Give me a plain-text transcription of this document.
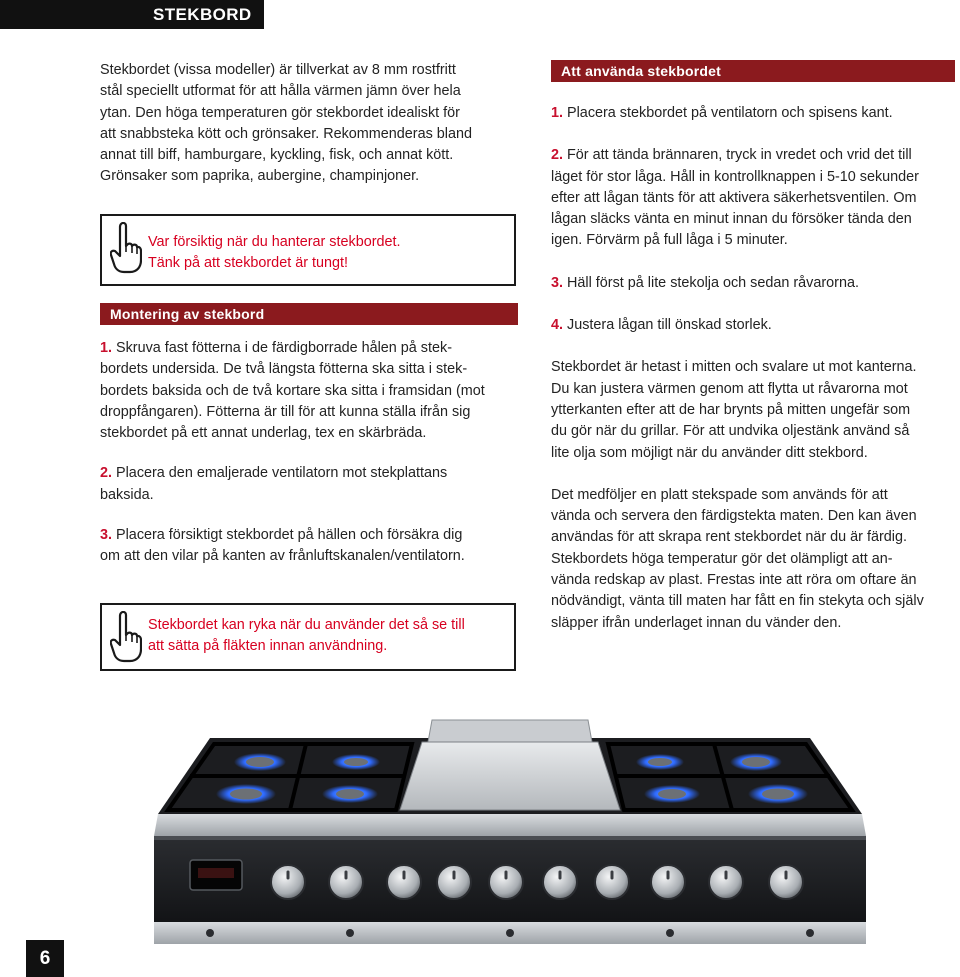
STEKBORD
Stekbordet (vissa modeller) är tillverkat av 8 mm rostfritt
stål speciellt utformat för att hålla värmen jämn över hela
ytan. Den höga temperaturen gör stekbordet idealiskt för
att snabbsteka kött och grönsaker. Rekommenderas bland
annat till biff, hamburgare, kyckling, fisk, och annat kött.
Grönsaker som paprika, aubergine, champinjoner.
Var försiktig när du hanterar stekbordet.
Tänk på att stekbordet är tungt!
Montering av stekbord
1. Skruva fast fötterna i de färdigborrade hålen på stek-
bordets undersida. De två längsta fötterna ska sitta i stek-
bordets baksida och de två kortare ska sitta i framsidan (mot
droppfångaren). Fötterna är till för att kunna ställa ifrån sig
stekbordet på ett annat underlag, tex en skärbräda.
2. Placera den emaljerade ventilatorn mot stekplattans
baksida.
3. Placera försiktigt stekbordet på hällen och försäkra dig
om att den vilar på kanten av frånluftskanalen/ventilatorn.
Stekbordet kan ryka när du använder det så se till
att sätta på fläkten innan användning.
Att använda stekbordet
1. Placera stekbordet på ventilatorn och spisens kant.
2. För att tända brännaren, tryck in vredet och vrid det till
läget för stor låga. Håll in kontrollknappen i 5-10 sekunder
efter att lågan tänts för att aktivera säkerhetsventilen. Om
lågan släcks vänta en minut innan du försöker tända den
igen. Förvärm på full låga i 5 minuter.
3. Häll först på lite stekolja och sedan råvarorna.
4. Justera lågan till önskad storlek.
Stekbordet är hetast i mitten och svalare ut mot kanterna.
Du kan justera värmen genom att flytta ut råvarorna mot
ytterkanten efter att de har brynts på mitten ungefär som
du gör när du grillar. För att undvika oljestänk använd så
lite olja som möjligt när du använder ditt stekbord.
Det medföljer en platt stekspade som används för att
vända och servera den färdigstekta maten. Den kan även
användas för att skrapa rent stekbordet när du är färdig.
Stekbordets höga temperatur gör det olämpligt att an-
vända redskap av plast. Frestas inte att röra om oftare än
nödvändigt, vänta till maten har fått en fin stekyta och själv
släpper ifrån underlaget innan du vänder den.
6
